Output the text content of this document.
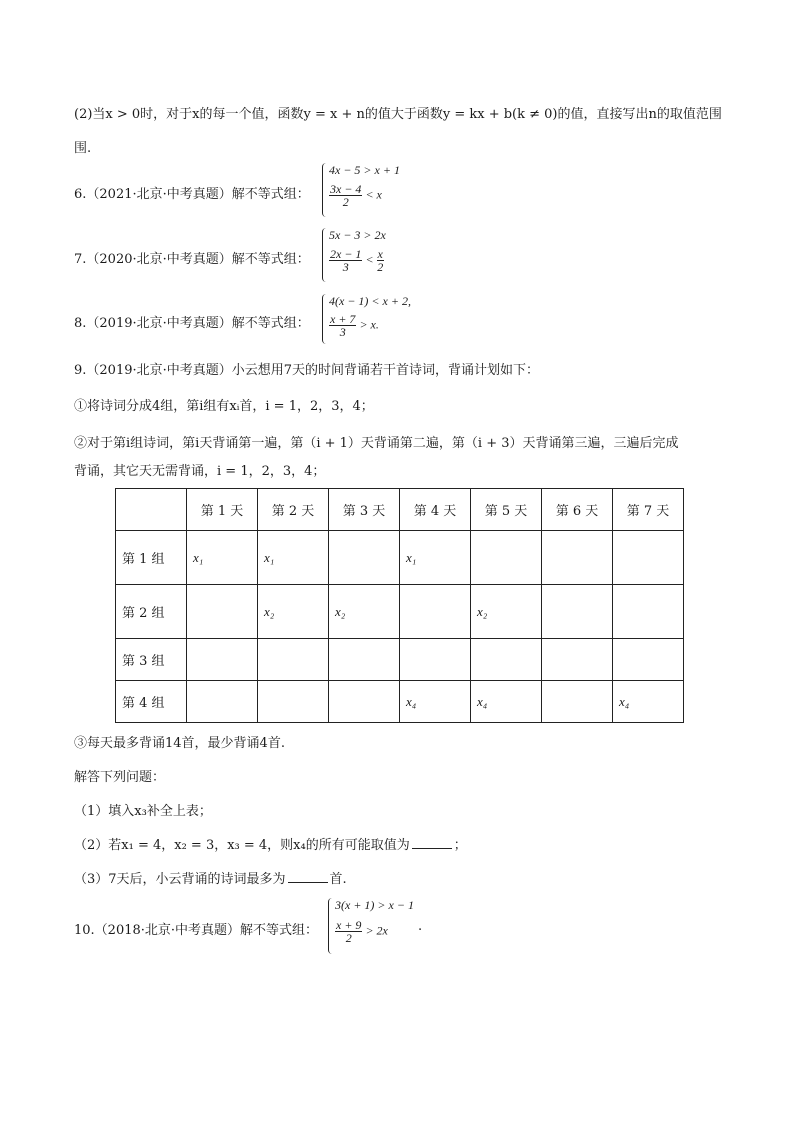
(2)当x > 0时，对于x的每一个值，函数y = x + n的值大于函数y = kx + b(k ≠ 0)的值，直接写出n的取值范围
围.
6.（2021·北京·中考真题）解不等式组：
4x − 5 > x + 1
$\frac{3x - 4}{2} < x$
7.（2020·北京·中考真题）解不等式组：
5x − 3 > 2x
$\frac{2x - 1}{3} < \frac{x}{2}$
8.（2019·北京·中考真题）解不等式组：
4(x − 1) < x + 2,
$\frac{x + 7}{3} > x$.
9.（2019·北京·中考真题）小云想用7天的时间背诵若干首诗词，背诵计划如下：
①将诗词分成4组，第i组有xᵢ首，i = 1，2，3，4；
②对于第i组诗词，第i天背诵第一遍，第（i + 1）天背诵第二遍，第（i + 3）天背诵第三遍，三遍后完成
背诵，其它天无需背诵，i = 1，2，3，4；
	第 1 天	第 2 天	第 3 天	第 4 天	第 5 天	第 6 天	第 7 天
第 1 组	x₁	x₁		x₁			
第 2 组		x₂	x₂		x₂		
第 3 组							
第 4 组				x₄	x₄		x₄
③每天最多背诵14首，最少背诵4首.
解答下列问题：
（1）填入x₃补全上表；
（2）若x₁ = 4，x₂ = 3，x₃ = 4，则x₄的所有可能取值为	；
（3）7天后，小云背诵的诗词最多为	首.
10.（2018·北京·中考真题）解不等式组：
3(x + 1) > x − 1
$\frac{x + 9}{2} > 2x$ .
